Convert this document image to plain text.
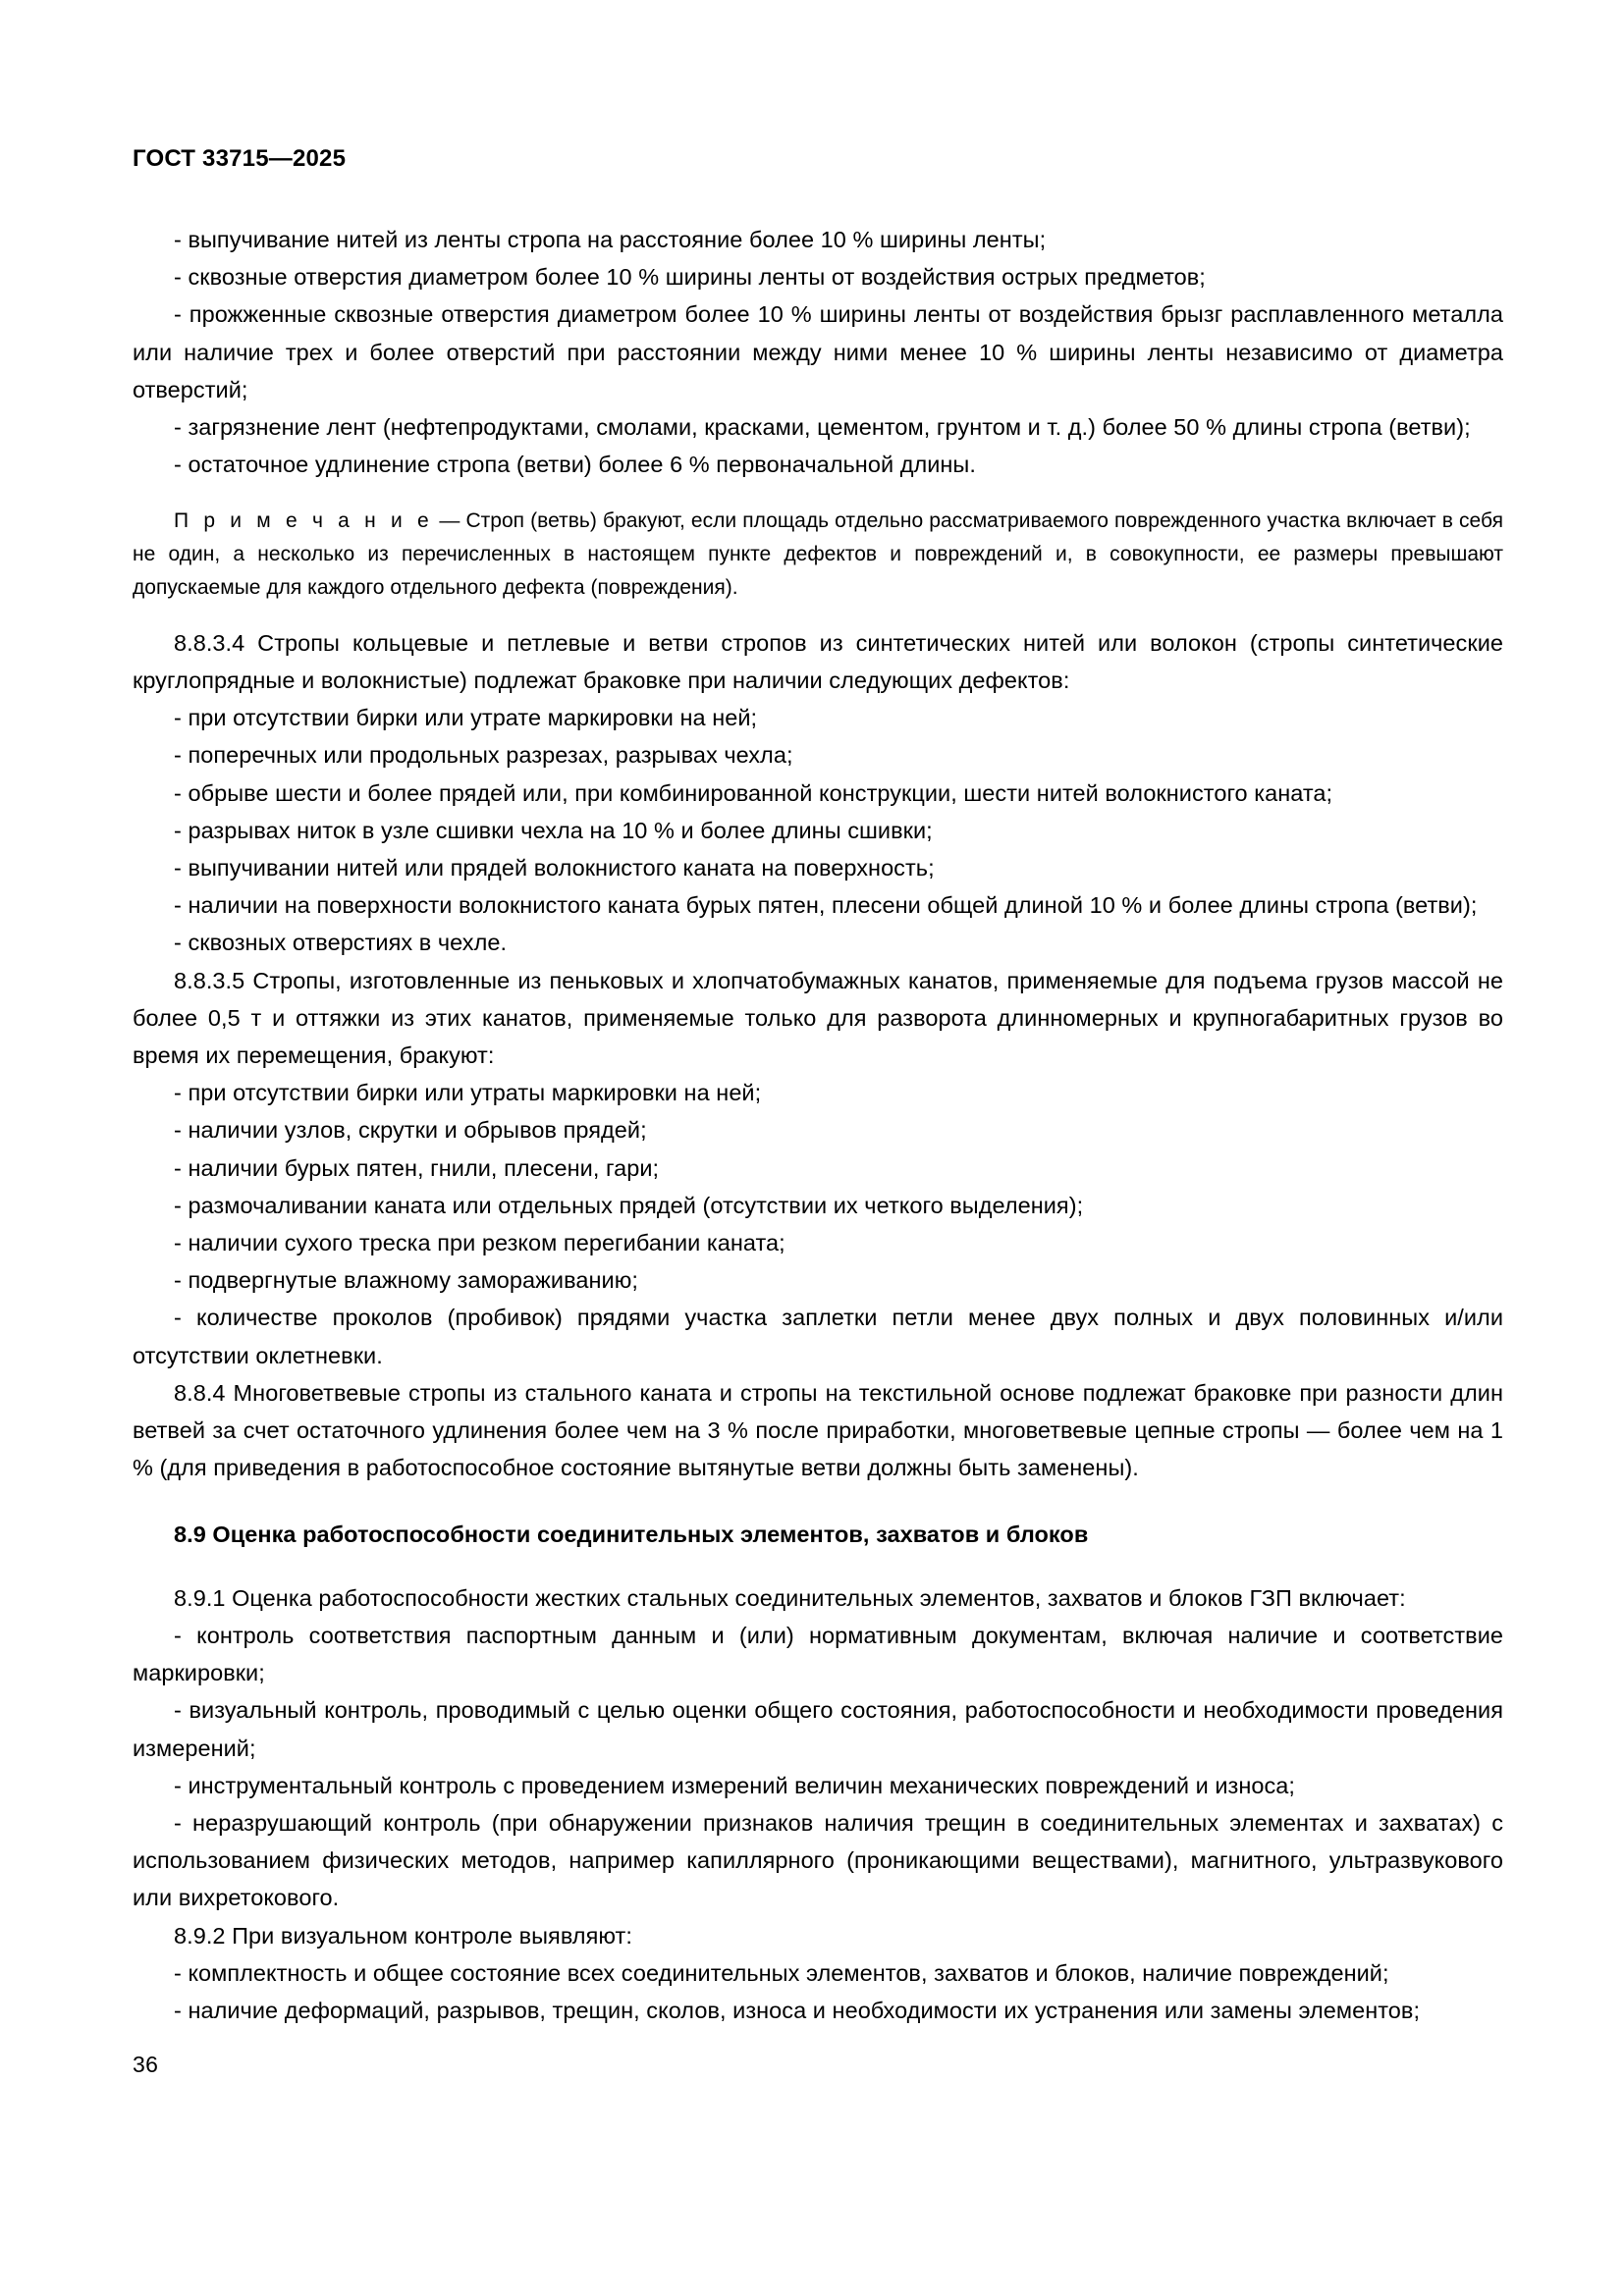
ГОСТ 33715—2025

- выпучивание нитей из ленты стропа на расстояние более 10 % ширины ленты;

- сквозные отверстия диаметром более 10 % ширины ленты от воздействия острых предметов;

- прожженные сквозные отверстия диаметром более 10 % ширины ленты от воздействия брызг расплавленного металла или наличие трех и более отверстий при расстоянии между ними менее 10 % ширины ленты независимо от диаметра отверстий;

- загрязнение лент (нефтепродуктами, смолами, красками, цементом, грунтом и т. д.) более 50 % длины стропа (ветви);

- остаточное удлинение стропа (ветви) более 6 % первоначальной длины.

П р и м е ч а н и е — Строп (ветвь) бракуют, если площадь отдельно рассматриваемого поврежденного участка включает в себя не один, а несколько из перечисленных в настоящем пункте дефектов и повреждений и, в совокупности, ее размеры превышают допускаемые для каждого отдельного дефекта (повреждения).

8.8.3.4 Стропы кольцевые и петлевые и ветви стропов из синтетических нитей или волокон (стропы синтетические круглопрядные и волокнистые) подлежат браковке при наличии следующих дефектов:

- при отсутствии бирки или утрате маркировки на ней;

- поперечных или продольных разрезах, разрывах чехла;

- обрыве шести и более прядей или, при комбинированной конструкции, шести нитей волокнистого каната;

- разрывах ниток в узле сшивки чехла на 10 % и более длины сшивки;

- выпучивании нитей или прядей волокнистого каната на поверхность;

- наличии на поверхности волокнистого каната бурых пятен, плесени общей длиной 10 % и более длины стропа (ветви);

- сквозных отверстиях в чехле.

8.8.3.5 Стропы, изготовленные из пеньковых и хлопчатобумажных канатов, применяемые для подъема грузов массой не более 0,5 т и оттяжки из этих канатов, применяемые только для разворота длинномерных и крупногабаритных грузов во время их перемещения, бракуют:

- при отсутствии бирки или утраты маркировки на ней;

- наличии узлов, скрутки и обрывов прядей;

- наличии бурых пятен, гнили, плесени, гари;

- размочаливании каната или отдельных прядей (отсутствии их четкого выделения);

- наличии сухого треска при резком перегибании каната;

- подвергнутые влажному замораживанию;

- количестве проколов (пробивок) прядями участка заплетки петли менее двух полных и двух половинных и/или отсутствии оклетневки.

8.8.4 Многоветвевые стропы из стального каната и стропы на текстильной основе подлежат браковке при разности длин ветвей за счет остаточного удлинения более чем на 3 % после приработки, многоветвевые цепные стропы — более чем на 1 % (для приведения в работоспособное состояние вытянутые ветви должны быть заменены).

8.9 Оценка работоспособности соединительных элементов, захватов и блоков

8.9.1 Оценка работоспособности жестких стальных соединительных элементов, захватов и блоков ГЗП включает:

- контроль соответствия паспортным данным и (или) нормативным документам, включая наличие и соответствие маркировки;

- визуальный контроль, проводимый с целью оценки общего состояния, работоспособности и необходимости проведения измерений;

- инструментальный контроль с проведением измерений величин механических повреждений и износа;

- неразрушающий контроль (при обнаружении признаков наличия трещин в соединительных элементах и захватах) с использованием физических методов, например капиллярного (проникающими веществами), магнитного, ультразвукового или вихретокового.

8.9.2 При визуальном контроле выявляют:

- комплектность и общее состояние всех соединительных элементов, захватов и блоков, наличие повреждений;

- наличие деформаций, разрывов, трещин, сколов, износа и необходимости их устранения или замены элементов;

36
